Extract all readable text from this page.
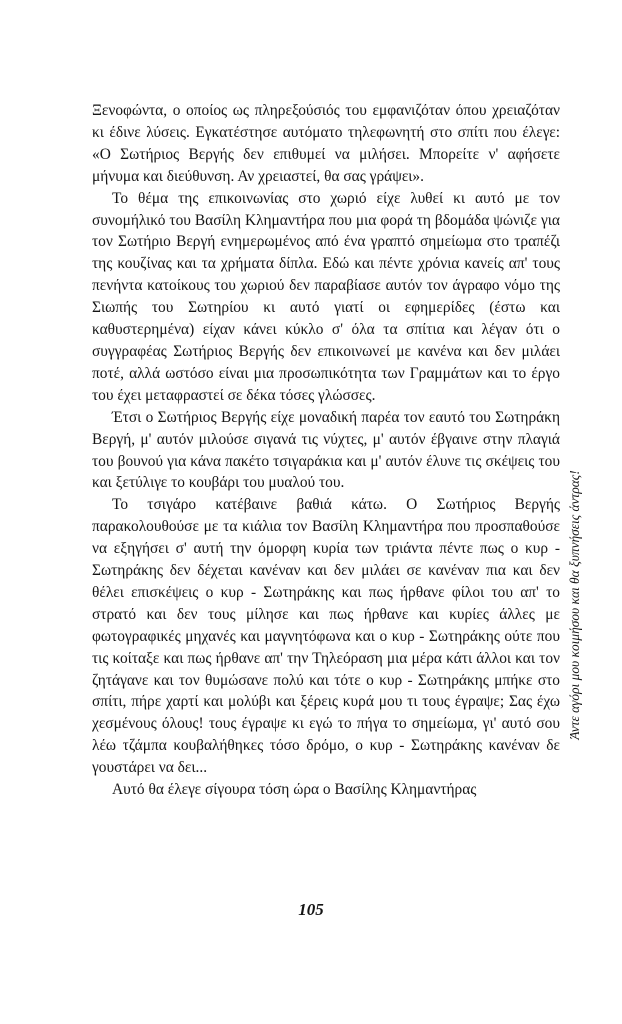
Ξενοφώντα, ο οποίος ως πληρεξούσιός του εμφανιζόταν όπου χρειαζόταν κι έδινε λύσεις. Εγκατέστησε αυτόματο τηλεφωνητή στο σπίτι που έλεγε: «Ο Σωτήριος Βεργής δεν επιθυμεί να μιλήσει. Μπορείτε ν' αφήσετε μήνυμα και διεύθυνση. Αν χρειαστεί, θα σας γράψει».

Το θέμα της επικοινωνίας στο χωριό είχε λυθεί κι αυτό με τον συνομήλικό του Βασίλη Κλημαντήρα που μια φορά τη βδομάδα ψώνιζε για τον Σωτήριο Βεργή ενημερωμένος από ένα γραπτό σημείωμα στο τραπέζι της κουζίνας και τα χρήματα δίπλα. Εδώ και πέντε χρόνια κανείς απ' τους πενήντα κατοίκους του χωριού δεν παραβίασε αυτόν τον άγραφο νόμο της Σιωπής του Σωτηρίου κι αυτό γιατί οι εφημερίδες (έστω και καθυστερημένα) είχαν κάνει κύκλο σ' όλα τα σπίτια και λέγαν ότι ο συγγραφέας Σωτήριος Βεργής δεν επικοινωνεί με κανένα και δεν μιλάει ποτέ, αλλά ωστόσο είναι μια προσωπικότητα των Γραμμάτων και το έργο του έχει μεταφραστεί σε δέκα τόσες γλώσσες.

Έτσι ο Σωτήριος Βεργής είχε μοναδική παρέα τον εαυτό του Σωτηράκη Βεργή, μ' αυτόν μιλούσε σιγανά τις νύχτες, μ' αυτόν έβγαινε στην πλαγιά του βουνού για κάνα πακέτο τσιγαράκια και μ' αυτόν έλυνε τις σκέψεις του και ξετύλιγε το κουβάρι του μυαλού του.

Το τσιγάρο κατέβαινε βαθιά κάτω. Ο Σωτήριος Βεργής παρακολουθούσε με τα κιάλια τον Βασίλη Κλημαντήρα που προσπαθούσε να εξηγήσει σ' αυτή την όμορφη κυρία των τριάντα πέντε πως ο κυρ - Σωτηράκης δεν δέχεται κανέναν και δεν μιλάει σε κανέναν πια και δεν θέλει επισκέψεις ο κυρ - Σωτηράκης και πως ήρθανε φίλοι του απ' το στρατό και δεν τους μίλησε και πως ήρθανε και κυρίες άλλες με φωτογραφικές μηχανές και μαγνητόφωνα και ο κυρ - Σωτηράκης ούτε που τις κοίταξε και πως ήρθανε απ' την Τηλεόραση μια μέρα κάτι άλλοι και τον ζητάγανε και τον θυμώσανε πολύ και τότε ο κυρ - Σωτηράκης μπήκε στο σπίτι, πήρε χαρτί και μολύβι και ξέρεις κυρά μου τι τους έγραψε; Σας έχω χεσμένους όλους! τους έγραψε κι εγώ το πήγα το σημείωμα, γι' αυτό σου λέω τζάμπα κουβαλήθηκες τόσο δρόμο, ο κυρ - Σωτηράκης κανέναν δε γουστάρει να δει...

Αυτό θα έλεγε σίγουρα τόση ώρα ο Βασίλης Κλημαντήρας

105
Άντε αγόρι μου κοιμήσου και θα ξυπνήσεις άντρας!
